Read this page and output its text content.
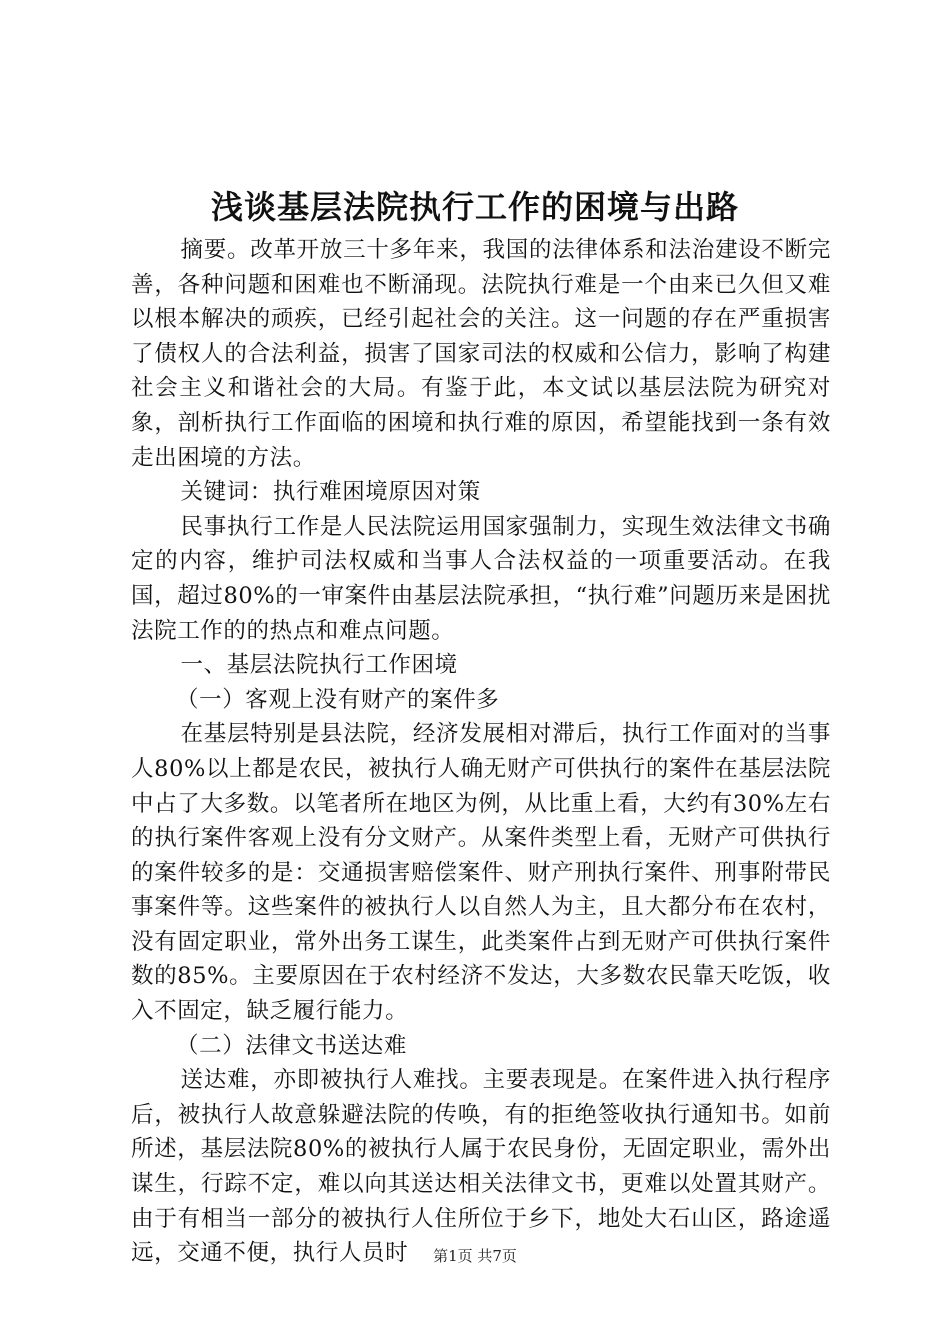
浅谈基层法院执行工作的困境与出路

摘要。改革开放三十多年来，我国的法律体系和法治建设不断完善，各种问题和困难也不断涌现。法院执行难是一个由来已久但又难以根本解决的顽疾，已经引起社会的关注。这一问题的存在严重损害了债权人的合法利益，损害了国家司法的权威和公信力，影响了构建社会主义和谐社会的大局。有鉴于此，本文试以基层法院为研究对象，剖析执行工作面临的困境和执行难的原因，希望能找到一条有效走出困境的方法。

关键词：执行难困境原因对策

民事执行工作是人民法院运用国家强制力，实现生效法律文书确定的内容，维护司法权威和当事人合法权益的一项重要活动。在我国，超过80%的一审案件由基层法院承担，“执行难”问题历来是困扰法院工作的的热点和难点问题。

一、基层法院执行工作困境

（一）客观上没有财产的案件多

在基层特别是县法院，经济发展相对滞后，执行工作面对的当事人80%以上都是农民，被执行人确无财产可供执行的案件在基层法院中占了大多数。以笔者所在地区为例，从比重上看，大约有30%左右的执行案件客观上没有分文财产。从案件类型上看，无财产可供执行的案件较多的是：交通损害赔偿案件、财产刑执行案件、刑事附带民事案件等。这些案件的被执行人以自然人为主，且大都分布在农村，没有固定职业，常外出务工谋生，此类案件占到无财产可供执行案件数的85%。主要原因在于农村经济不发达，大多数农民靠天吃饭，收入不固定，缺乏履行能力。

（二）法律文书送达难

送达难，亦即被执行人难找。主要表现是。在案件进入执行程序后，被执行人故意躲避法院的传唤，有的拒绝签收执行通知书。如前所述，基层法院80%的被执行人属于农民身份，无固定职业，需外出谋生，行踪不定，难以向其送达相关法律文书，更难以处置其财产。由于有相当一部分的被执行人住所位于乡下，地处大石山区，路途遥远，交通不便，执行人员时	第1页 共7页
